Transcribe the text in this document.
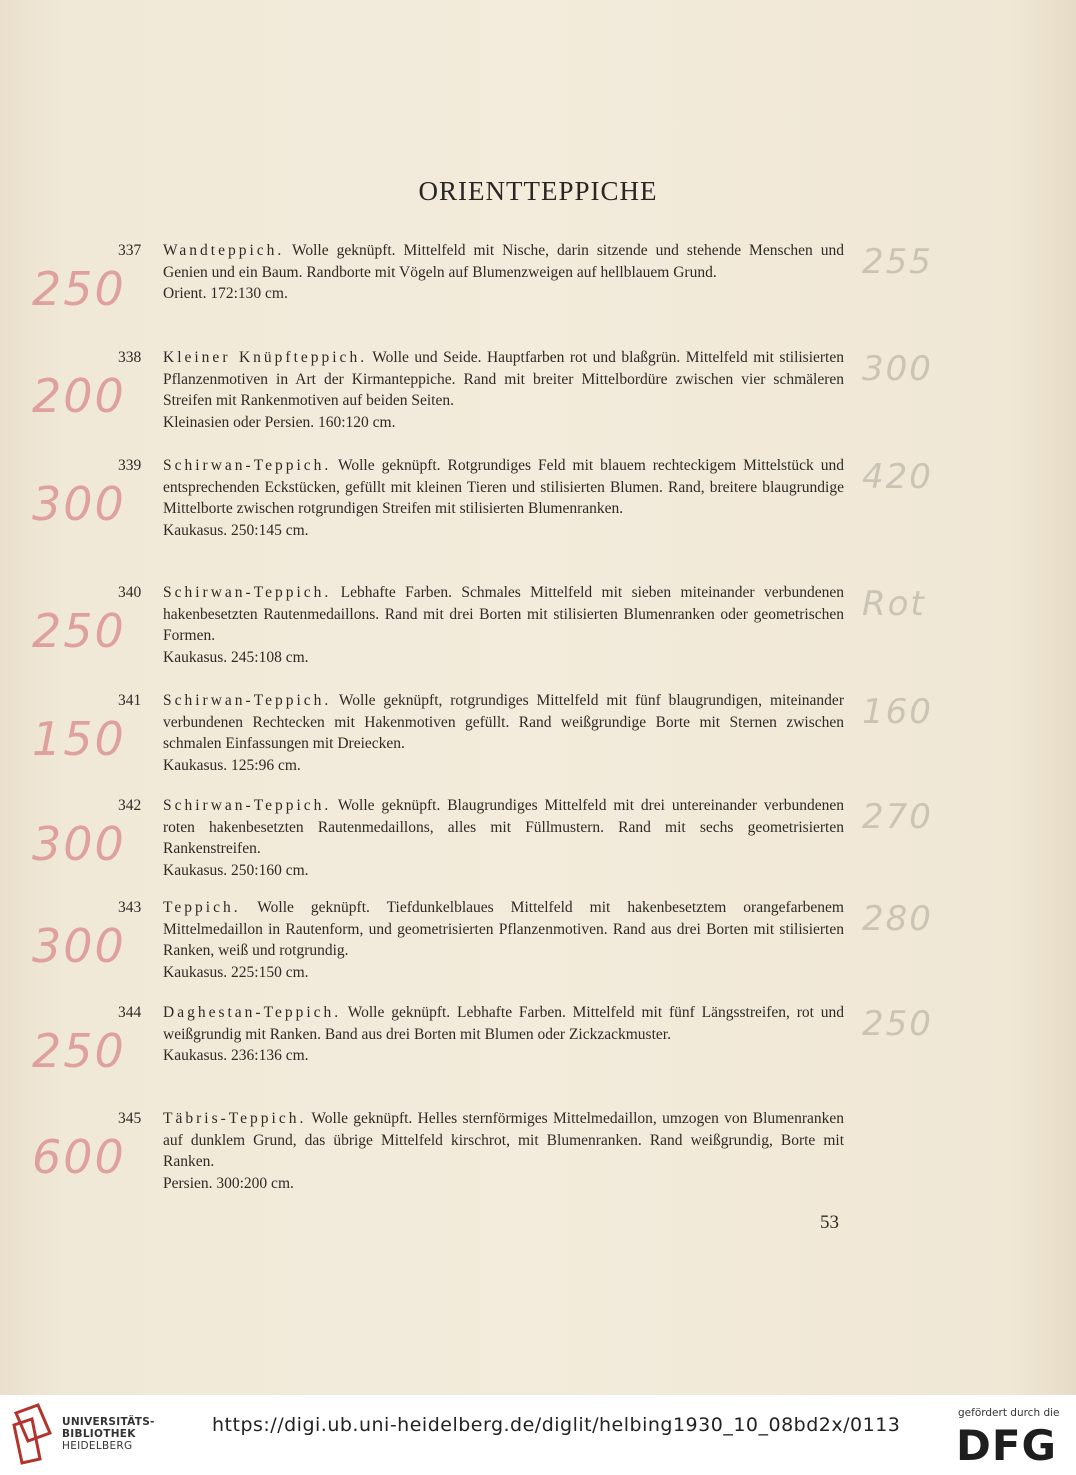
ORIENTTEPPICHE
337	Wandteppich. Wolle geknüpft. Mittelfeld mit Nische, darin sitzende und stehende Menschen und Genien und ein Baum. Randborte mit Vögeln auf Blumenzweigen auf hellblauem Grund.
Orient. 172:130 cm.
250	255
338	Kleiner Knüpfteppich. Wolle und Seide. Hauptfarben rot und blaßgrün. Mittelfeld mit stilisierten Pflanzenmotiven in Art der Kirmanteppiche. Rand mit breiter Mittelbordüre zwischen vier schmäleren Streifen mit Rankenmotiven auf beiden Seiten.
Kleinasien oder Persien. 160:120 cm.
200	300
339	Schirwan-Teppich. Wolle geknüpft. Rotgrundiges Feld mit blauem rechteckigem Mittelstück und entsprechenden Eckstücken, gefüllt mit kleinen Tieren und stilisierten Blumen. Rand, breitere blaugrundige Mittelborte zwischen rotgrundigen Streifen mit stilisierten Blumenranken.
Kaukasus. 250:145 cm.
300	420
340	Schirwan-Teppich. Lebhafte Farben. Schmales Mittelfeld mit sieben miteinander verbundenen hakenbesetzten Rautenmedaillons. Rand mit drei Borten mit stilisierten Blumenranken oder geometrischen Formen.
Kaukasus. 245:108 cm.
250	Rot
341	Schirwan-Teppich. Wolle geknüpft, rotgrundiges Mittelfeld mit fünf blaugrundigen, miteinander verbundenen Rechtecken mit Hakenmotiven gefüllt. Rand weißgrundige Borte mit Sternen zwischen schmalen Einfassungen mit Dreiecken.
Kaukasus. 125:96 cm.
150	160
342	Schirwan-Teppich. Wolle geknüpft. Blaugrundiges Mittelfeld mit drei untereinander verbundenen roten hakenbesetzten Rautenmedaillons, alles mit Füllmustern. Rand mit sechs geometrisierten Rankenstreifen.
Kaukasus. 250:160 cm.
300	270
343	Teppich. Wolle geknüpft. Tiefdunkelblaues Mittelfeld mit hakenbesetztem orangefarbenem Mittelmedaillon in Rautenform, und geometrisierten Pflanzenmotiven. Rand aus drei Borten mit stilisierten Ranken, weiß und rotgrundig.
Kaukasus. 225:150 cm.
300	280
344	Daghestan-Teppich. Wolle geknüpft. Lebhafte Farben. Mittelfeld mit fünf Längsstreifen, rot und weißgrundig mit Ranken. Band aus drei Borten mit Blumen oder Zickzackmuster.
Kaukasus. 236:136 cm.
250	250
345	Täbris-Teppich. Wolle geknüpft. Helles sternförmiges Mittelmedaillon, umzogen von Blumenranken auf dunklem Grund, das übrige Mittelfeld kirschrot, mit Blumenranken. Rand weißgrundig, Borte mit Ranken.
Persien. 300:200 cm.
600
53
UNIVERSITÄTS-
BIBLIOTHEK
HEIDELBERG
https://digi.ub.uni-heidelberg.de/diglit/helbing1930_10_08bd2x/0113
gefördert durch die
DFG
